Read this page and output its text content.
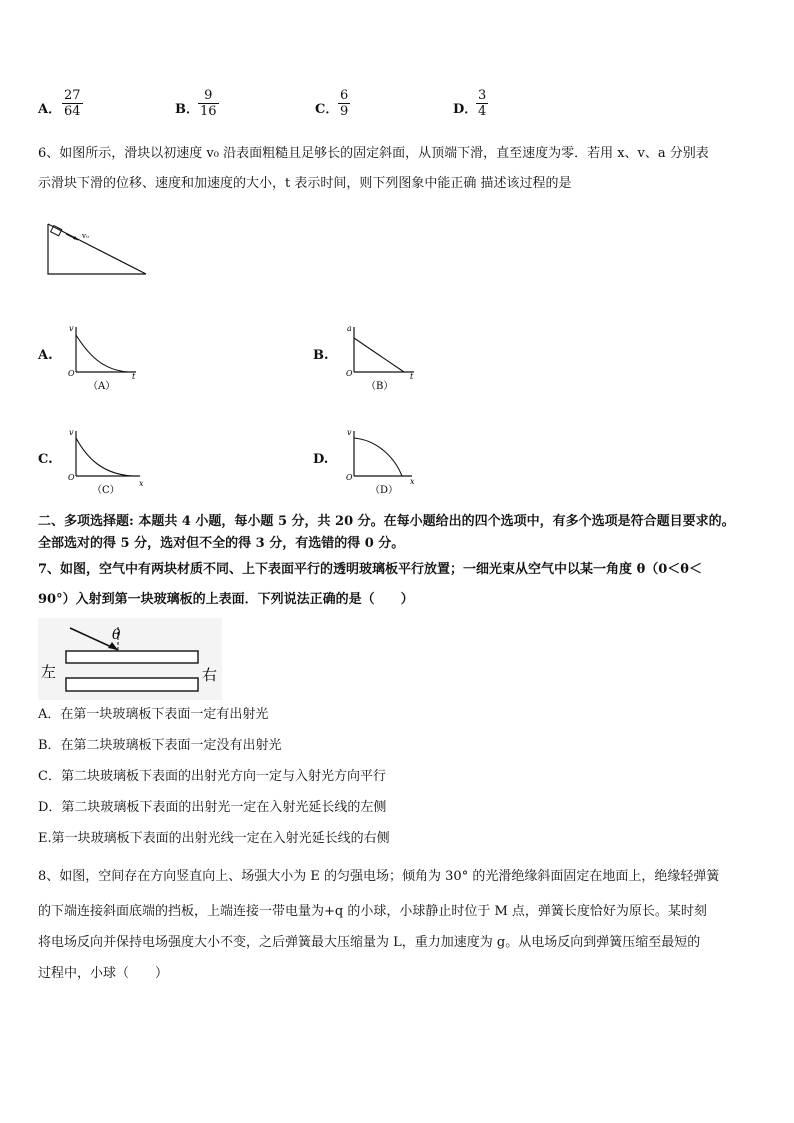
A． $\frac{27}{64}$	B． $\frac{9}{16}$	C． $\frac{6}{9}$	D．
$\frac{3}{4}$
6、如图所示，滑块以初速度 v₀ 沿表面粗糙且足够长的固定斜面，从顶端下滑，直至速度为零．若用 x、v、a 分别表
示滑块下滑的位移、速度和加速度的大小，t 表示时间，则下列图象中能正确 描述该过程的是
v₀
A.
v
O	t
（A）
B.
a
O	t
（B）
C.
v
O
x
（C）
D.
v
O	x
（D）
二、多项选择题: 本题共 4 小题，每小题 5 分，共 20 分。在每小题给出的四个选项中，有多个选项是符合题目要求的。
全部选对的得 5 分，选对但不全的得 3 分，有选错的得 0 分。
7、如图，空气中有两块材质不同、上下表面平行的透明玻璃板平行放置；一细光束从空气中以某一角度 θ（0＜θ＜
90°）入射到第一块玻璃板的上表面．下列说法正确的是（　　）
θ
左	右
A．在第一块玻璃板下表面一定有出射光
B．在第二块玻璃板下表面一定没有出射光
C．第二块玻璃板下表面的出射光方向一定与入射光方向平行
D．第二块玻璃板下表面的出射光一定在入射光延长线的左侧
E.第一块玻璃板下表面的出射光线一定在入射光延长线的右侧
8、如图，空间存在方向竖直向上、场强大小为 E 的匀强电场；倾角为 30° 的光滑绝缘斜面固定在地面上，绝缘轻弹簧
的下端连接斜面底端的挡板，上端连接一带电量为+q 的小球，小球静止时位于 M 点，弹簧长度恰好为原长。某时刻
将电场反向并保持电场强度大小不变，之后弹簧最大压缩量为 L，重力加速度为 g。从电场反向到弹簧压缩至最短的
过程中，小球（　　）
